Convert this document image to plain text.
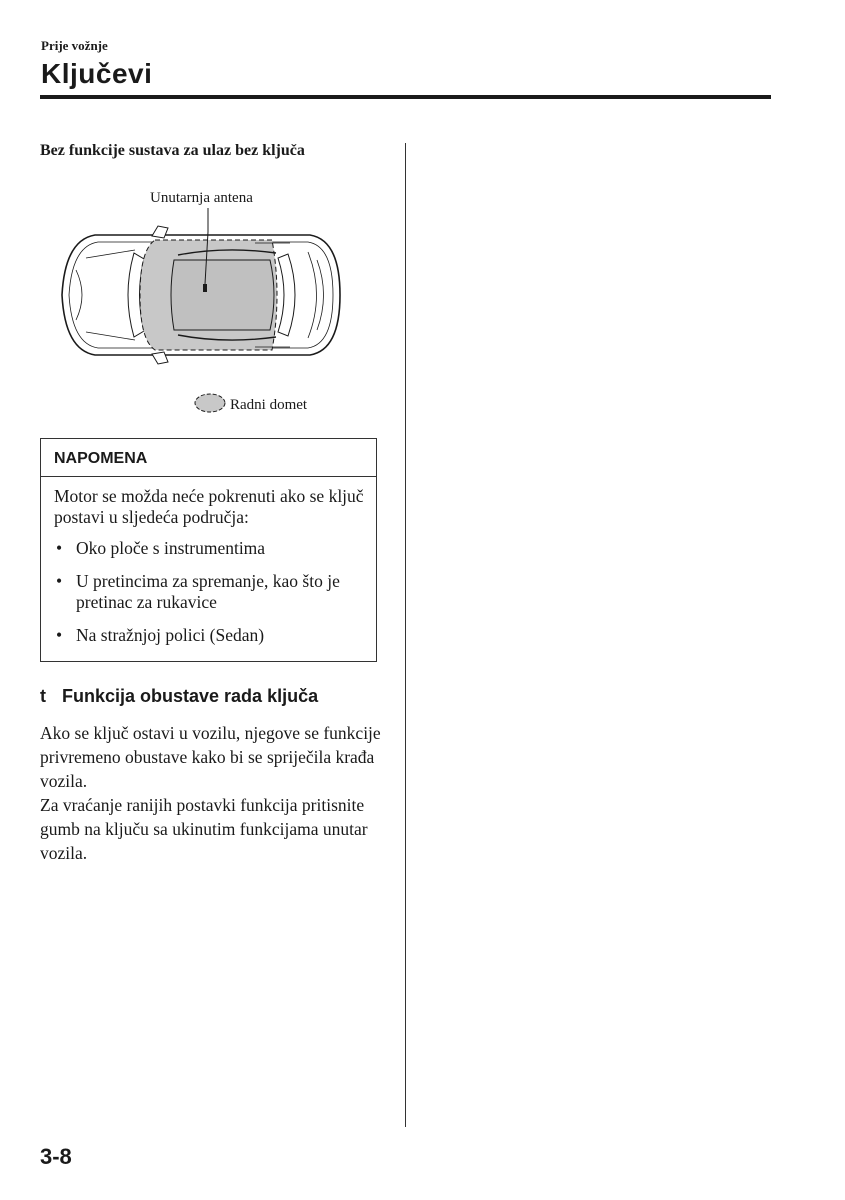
Prije vožnje
Ključevi
Bez funkcije sustava za ulaz bez ključa
Unutarnja antena
Radni domet
NAPOMENA

Motor se možda neće pokrenuti ako se ključ postavi u sljedeća područja:

• Oko ploče s instrumentima
• U pretincima za spremanje, kao što je pretinac za rukavice
• Na stražnjoj polici (Sedan)
t Funkcija obustave rada ključa

Ako se ključ ostavi u vozilu, njegove se funkcije privremeno obustave kako bi se spriječila krađa vozila.

Za vraćanje ranijih postavki funkcija pritisnite gumb na ključu sa ukinutim funkcijama unutar vozila.

3-8
